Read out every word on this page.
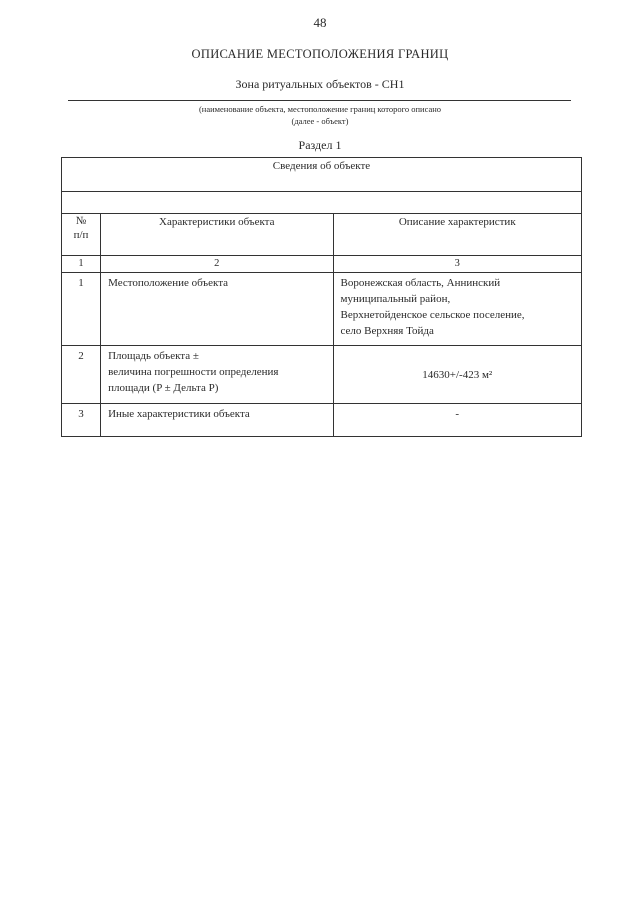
48
ОПИСАНИЕ МЕСТОПОЛОЖЕНИЯ ГРАНИЦ
Зона ритуальных объектов - СН1
(наименование объекта, местоположение границ которого описано
(далее - объект)
Раздел 1
Сведения об объекте		

№
п/п	Характеристики объекта	Описание характеристик
1	2	3
1	Местоположение объекта	Воронежская область, Аннинский
муниципальный район,
Верхнетойденское сельское поселение,
село Верхняя Тойда

2	Площадь объекта ±
величина погрешности определения
площади (P ± Дельта P)	14630+/-423 м²

3	Иные характеристики объекта	-
